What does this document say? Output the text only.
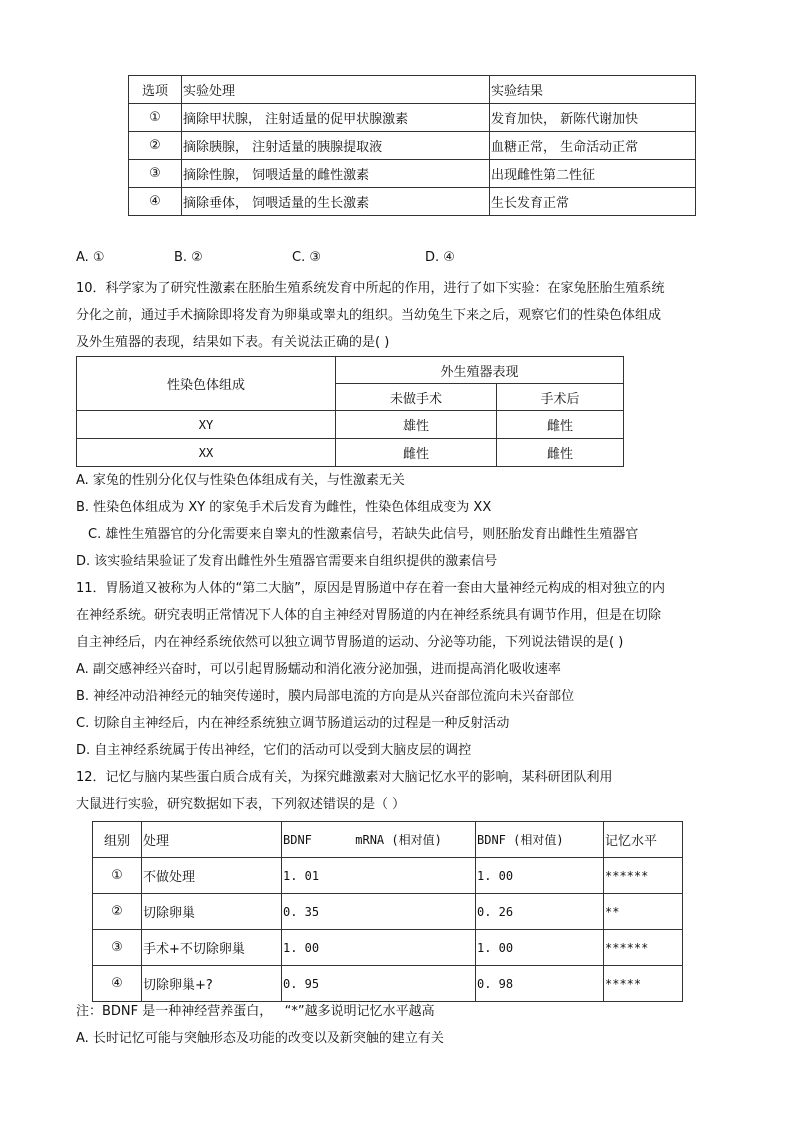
选项	实验处理	实验结果
①	摘除甲状腺， 注射适量的促甲状腺激素	发育加快， 新陈代谢加快
②	摘除胰腺， 注射适量的胰腺提取液	血糖正常， 生命活动正常
③	摘除性腺， 饲喂适量的雌性激素	出现雌性第二性征
④	摘除垂体， 饲喂适量的生长激素	生长发育正常
A. ①	B. ②	C. ③	D. ④
10．科学家为了研究性激素在胚胎生殖系统发育中所起的作用，进行了如下实验：在家兔胚胎生殖系统
分化之前，通过手术摘除即将发育为卵巢或睾丸的组织。当幼兔生下来之后，观察它们的性染色体组成
及外生殖器的表现，结果如下表。有关说法正确的是( )
性染色体组成	外生殖器表现	
	未做手术	手术后
XY	雄性	雌性
XX	雌性	雌性
A. 家兔的性别分化仅与性染色体组成有关，与性激素无关
B. 性染色体组成为 XY 的家兔手术后发育为雌性，性染色体组成变为 XX
C. 雄性生殖器官的分化需要来自睾丸的性激素信号，若缺失此信号，则胚胎发育出雌性生殖器官
D. 该实验结果验证了发育出雌性外生殖器官需要来自组织提供的激素信号
11．胃肠道又被称为人体的“第二大脑”，原因是胃肠道中存在着一套由大量神经元构成的相对独立的内
在神经系统。研究表明正常情况下人体的自主神经对胃肠道的内在神经系统具有调节作用，但是在切除
自主神经后，内在神经系统依然可以独立调节胃肠道的运动、分泌等功能，下列说法错误的是( )
A. 副交感神经兴奋时，可以引起胃肠蠕动和消化液分泌加强，进而提高消化吸收速率
B. 神经冲动沿神经元的轴突传递时，膜内局部电流的方向是从兴奋部位流向未兴奋部位
C. 切除自主神经后，内在神经系统独立调节肠道运动的过程是一种反射活动
D. 自主神经系统属于传出神经，它们的活动可以受到大脑皮层的调控
12．记忆与脑内某些蛋白质合成有关，为探究雌激素对大脑记忆水平的影响，某科研团队利用
大鼠进行实验，研究数据如下表，下列叙述错误的是（ ）
组别	处理	BDNF      mRNA (相对值)	BDNF (相对值)	记忆水平
①	不做处理	1. 01	1. 00	******
②	切除卵巢	0. 35	0. 26	**
③	手术+不切除卵巢	1. 00	1. 00	******
④	切除卵巢+?	0. 95	0. 98	*****
注：BDNF 是一种神经营养蛋白，   “*”越多说明记忆水平越高
A. 长时记忆可能与突触形态及功能的改变以及新突触的建立有关
